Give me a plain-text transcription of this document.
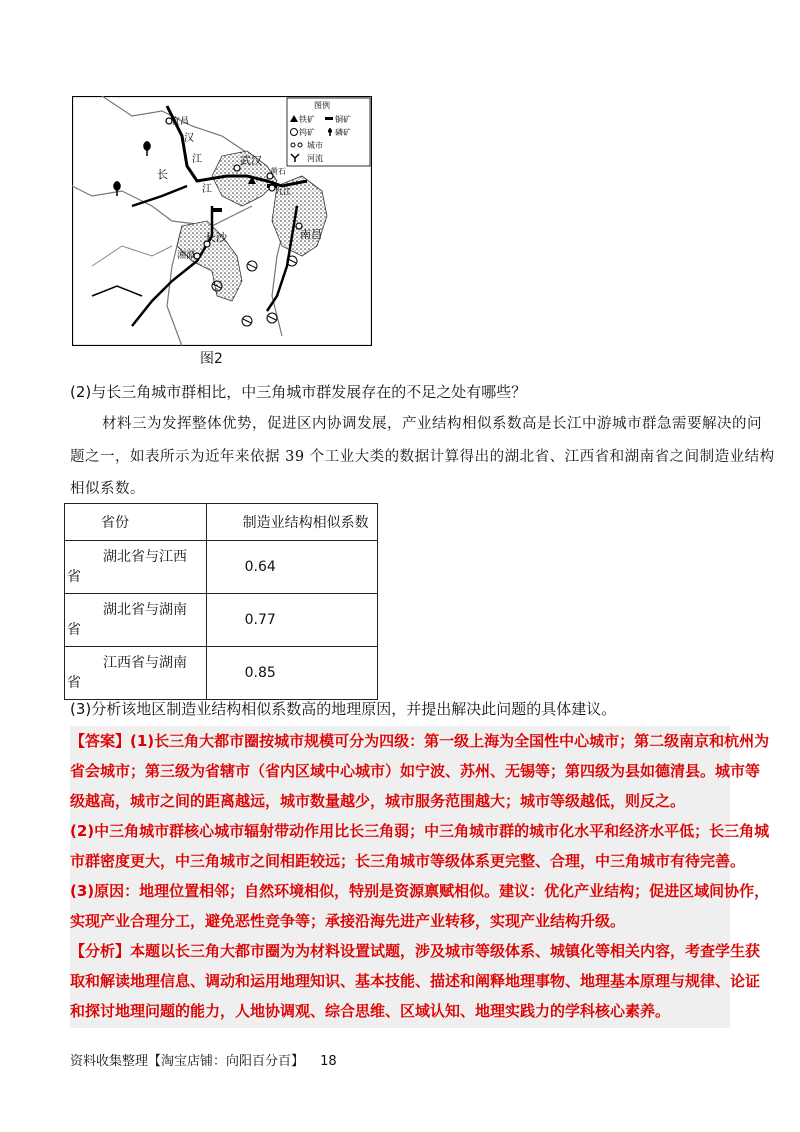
宜昌
汉
江
长
江
武汉
黄石
九江
长沙
湘潭
南昌
图例
铁矿	铜矿
钨矿	磷矿
城市
河流
图2
(2)与长三角城市群相比，中三角城市群发展存在的不足之处有哪些？
材料三为发挥整体优势，促进区内协调发展，产业结构相似系数高是长江中游城市群急需要解决的问
题之一，如表所示为近年来依据 39 个工业大类的数据计算得出的湖北省、江西省和湖南省之间制造业结构
相似系数。
省份	制造业结构相似系数

湖北省与江西
省	0.64

湖北省与湖南
省	0.77

江西省与湖南
省	0.85
(3)分析该地区制造业结构相似系数高的地理原因，并提出解决此问题的具体建议。
【答案】(1)长三角大都市圈按城市规模可分为四级：第一级上海为全国性中心城市；第二级南京和杭州为
省会城市；第三级为省辖市（省内区域中心城市）如宁波、苏州、无锡等；第四级为县如德清县。城市等
级越高，城市之间的距离越远，城市数量越少，城市服务范围越大；城市等级越低，则反之。
(2)中三角城市群核心城市辐射带动作用比长三角弱；中三角城市群的城市化水平和经济水平低；长三角城
市群密度更大，中三角城市之间相距较远；长三角城市等级体系更完整、合理，中三角城市有待完善。
(3)原因：地理位置相邻；自然环境相似，特别是资源禀赋相似。建议：优化产业结构；促进区域间协作，
实现产业合理分工，避免恶性竞争等；承接沿海先进产业转移，实现产业结构升级。
【分析】本题以长三角大都市圈为为材料设置试题，涉及城市等级体系、城镇化等相关内容，考查学生获
取和解读地理信息、调动和运用地理知识、基本技能、描述和阐释地理事物、地理基本原理与规律、论证
和探讨地理问题的能力，人地协调观、综合思维、区域认知、地理实践力的学科核心素养。
资料收集整理【淘宝店铺：向阳百分百】 18
